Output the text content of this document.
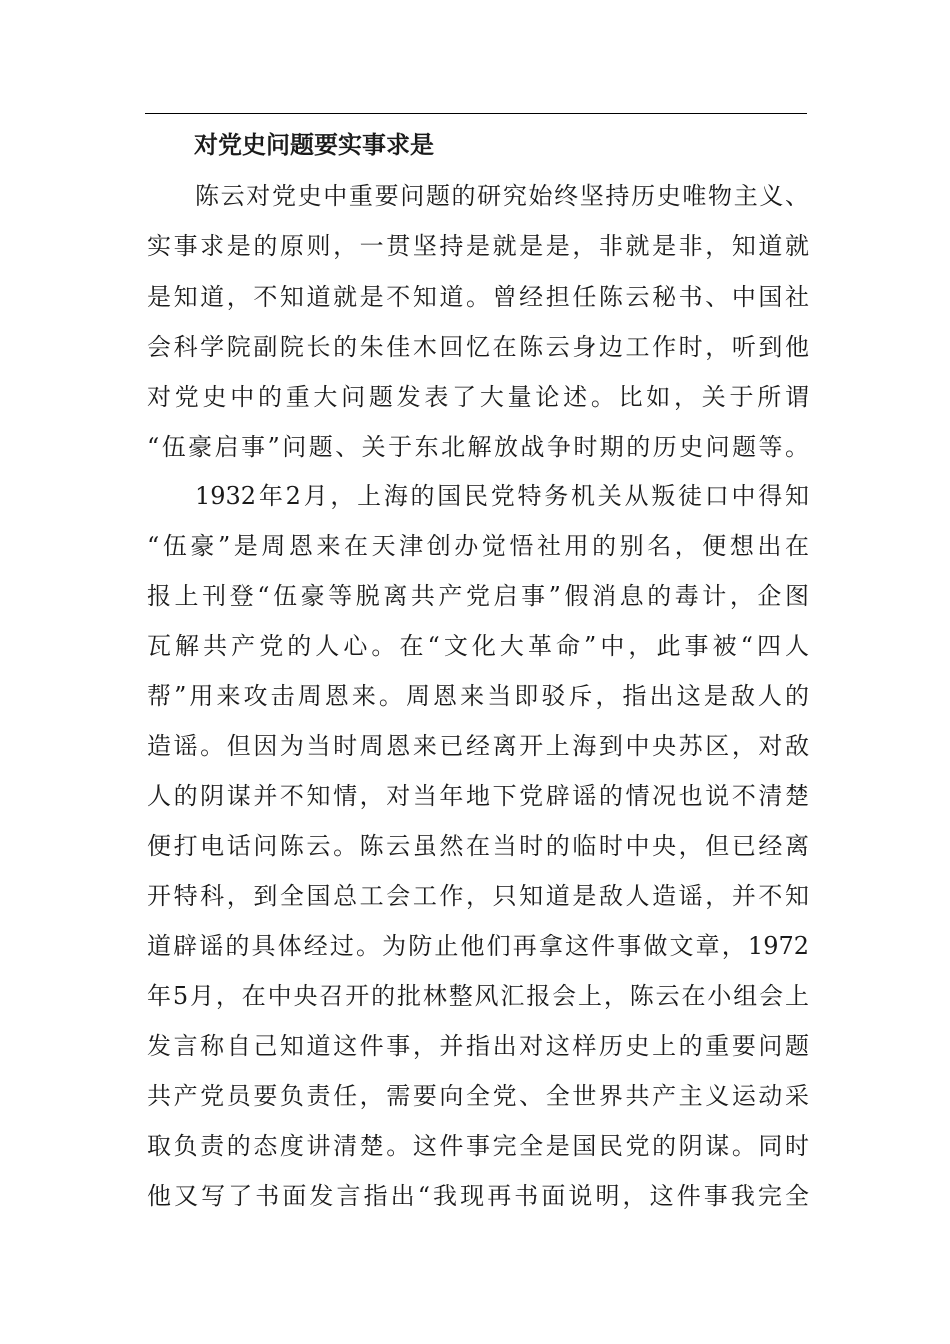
对党史问题要实事求是

陈云对党史中重要问题的研究始终坚持历史唯物主义、

实事求是的原则，一贯坚持是就是是，非就是非，知道就

是知道，不知道就是不知道。曾经担任陈云秘书、中国社

会科学院副院长的朱佳木回忆在陈云身边工作时，听到他

对党史中的重大问题发表了大量论述。比如，关于所谓

“伍豪启事”问题、关于东北解放战争时期的历史问题等。

1932年2月，上海的国民党特务机关从叛徒口中得知

“伍豪”是周恩来在天津创办觉悟社用的别名，便想出在

报上刊登“伍豪等脱离共产党启事”假消息的毒计，企图

瓦解共产党的人心。在“文化大革命”中，此事被“四人

帮”用来攻击周恩来。周恩来当即驳斥，指出这是敌人的

造谣。但因为当时周恩来已经离开上海到中央苏区，对敌

人的阴谋并不知情，对当年地下党辟谣的情况也说不清楚

便打电话问陈云。陈云虽然在当时的临时中央，但已经离

开特科，到全国总工会工作，只知道是敌人造谣，并不知

道辟谣的具体经过。为防止他们再拿这件事做文章，1972

年5月，在中央召开的批林整风汇报会上，陈云在小组会上

发言称自己知道这件事，并指出对这样历史上的重要问题

共产党员要负责任，需要向全党、全世界共产主义运动采

取负责的态度讲清楚。这件事完全是国民党的阴谋。同时

他又写了书面发言指出“我现再书面说明，这件事我完全
